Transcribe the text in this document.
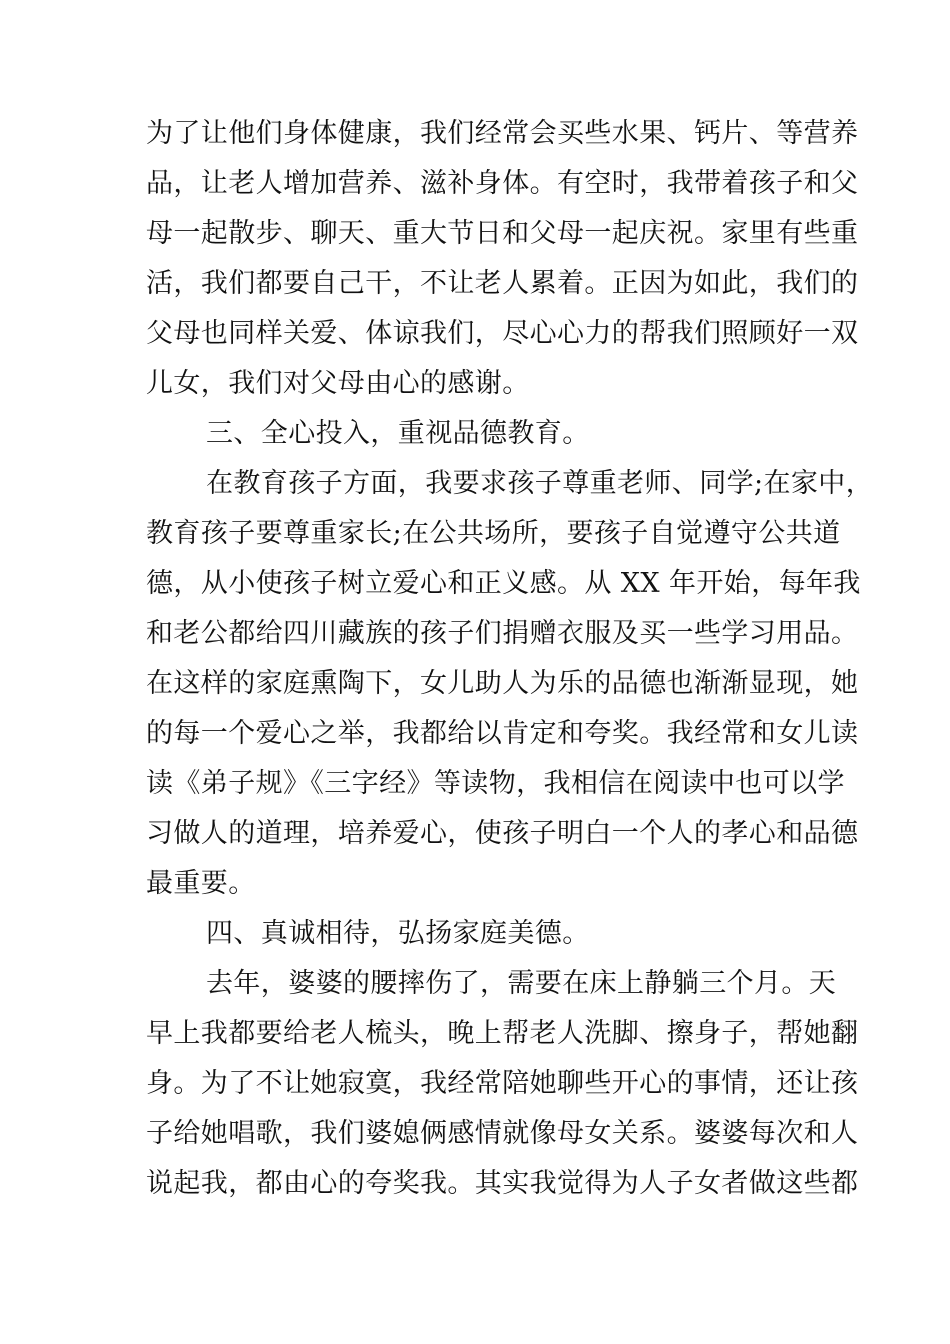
为了让他们身体健康，我们经常会买些水果、钙片、等营养
品，让老人增加营养、滋补身体。有空时，我带着孩子和父
母一起散步、聊天、重大节日和父母一起庆祝。家里有些重
活，我们都要自己干，不让老人累着。正因为如此，我们的
父母也同样关爱、体谅我们，尽心心力的帮我们照顾好一双
儿女，我们对父母由心的感谢。
三、全心投入，重视品德教育。
在教育孩子方面，我要求孩子尊重老师、同学;在家中，
教育孩子要尊重家长;在公共场所，要孩子自觉遵守公共道
德，从小使孩子树立爱心和正义感。从 XX 年开始，每年我
和老公都给四川藏族的孩子们捐赠衣服及买一些学习用品。
在这样的家庭熏陶下，女儿助人为乐的品德也渐渐显现，她
的每一个爱心之举，我都给以肯定和夸奖。我经常和女儿读
读《弟子规》《三字经》等读物，我相信在阅读中也可以学
习做人的道理，培养爱心，使孩子明白一个人的孝心和品德
最重要。
四、真诚相待，弘扬家庭美德。
去年，婆婆的腰摔伤了，需要在床上静躺三个月。天
早上我都要给老人梳头，晚上帮老人洗脚、擦身子，帮她翻
身。为了不让她寂寞，我经常陪她聊些开心的事情，还让孩
子给她唱歌，我们婆媳俩感情就像母女关系。婆婆每次和人
说起我，都由心的夸奖我。其实我觉得为人子女者做这些都
